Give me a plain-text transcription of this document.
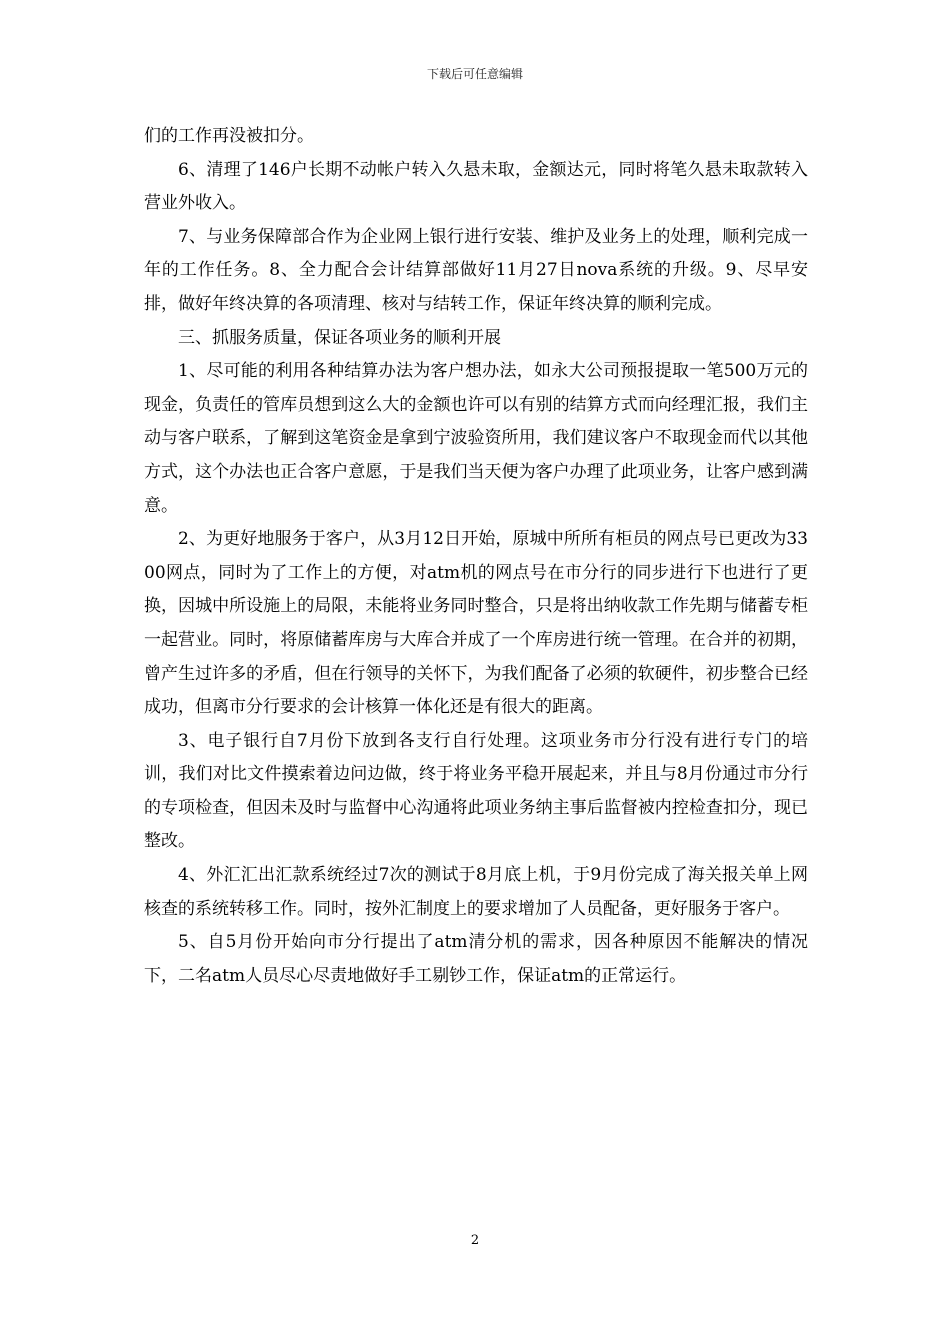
下载后可任意编辑

们的工作再没被扣分。

6、清理了146户长期不动帐户转入久悬未取，金额达元，同时将笔久悬未取款转入营业外收入。

7、与业务保障部合作为企业网上银行进行安装、维护及业务上的处理，顺利完成一年的工作任务。8、全力配合会计结算部做好11月27日nova系统的升级。9、尽早安排，做好年终决算的各项清理、核对与结转工作，保证年终决算的顺利完成。

三、抓服务质量，保证各项业务的顺利开展

1、尽可能的利用各种结算办法为客户想办法，如永大公司预报提取一笔500万元的现金，负责任的管库员想到这么大的金额也许可以有别的结算方式而向经理汇报，我们主动与客户联系，了解到这笔资金是拿到宁波验资所用，我们建议客户不取现金而代以其他方式，这个办法也正合客户意愿，于是我们当天便为客户办理了此项业务，让客户感到满意。

2、为更好地服务于客户，从3月12日开始，原城中所所有柜员的网点号已更改为3300网点，同时为了工作上的方便，对atm机的网点号在市分行的同步进行下也进行了更换，因城中所设施上的局限，未能将业务同时整合，只是将出纳收款工作先期与储蓄专柜一起营业。同时，将原储蓄库房与大库合并成了一个库房进行统一管理。在合并的初期，曾产生过许多的矛盾，但在行领导的关怀下，为我们配备了必须的软硬件，初步整合已经成功，但离市分行要求的会计核算一体化还是有很大的距离。

3、电子银行自7月份下放到各支行自行处理。这项业务市分行没有进行专门的培训，我们对比文件摸索着边问边做，终于将业务平稳开展起来，并且与8月份通过市分行的专项检查，但因未及时与监督中心沟通将此项业务纳主事后监督被内控检查扣分，现已整改。

4、外汇汇出汇款系统经过7次的测试于8月底上机，于9月份完成了海关报关单上网核查的系统转移工作。同时，按外汇制度上的要求增加了人员配备，更好服务于客户。

5、自5月份开始向市分行提出了atm清分机的需求，因各种原因不能解决的情况下，二名atm人员尽心尽责地做好手工剔钞工作，保证atm的正常运行。

2
